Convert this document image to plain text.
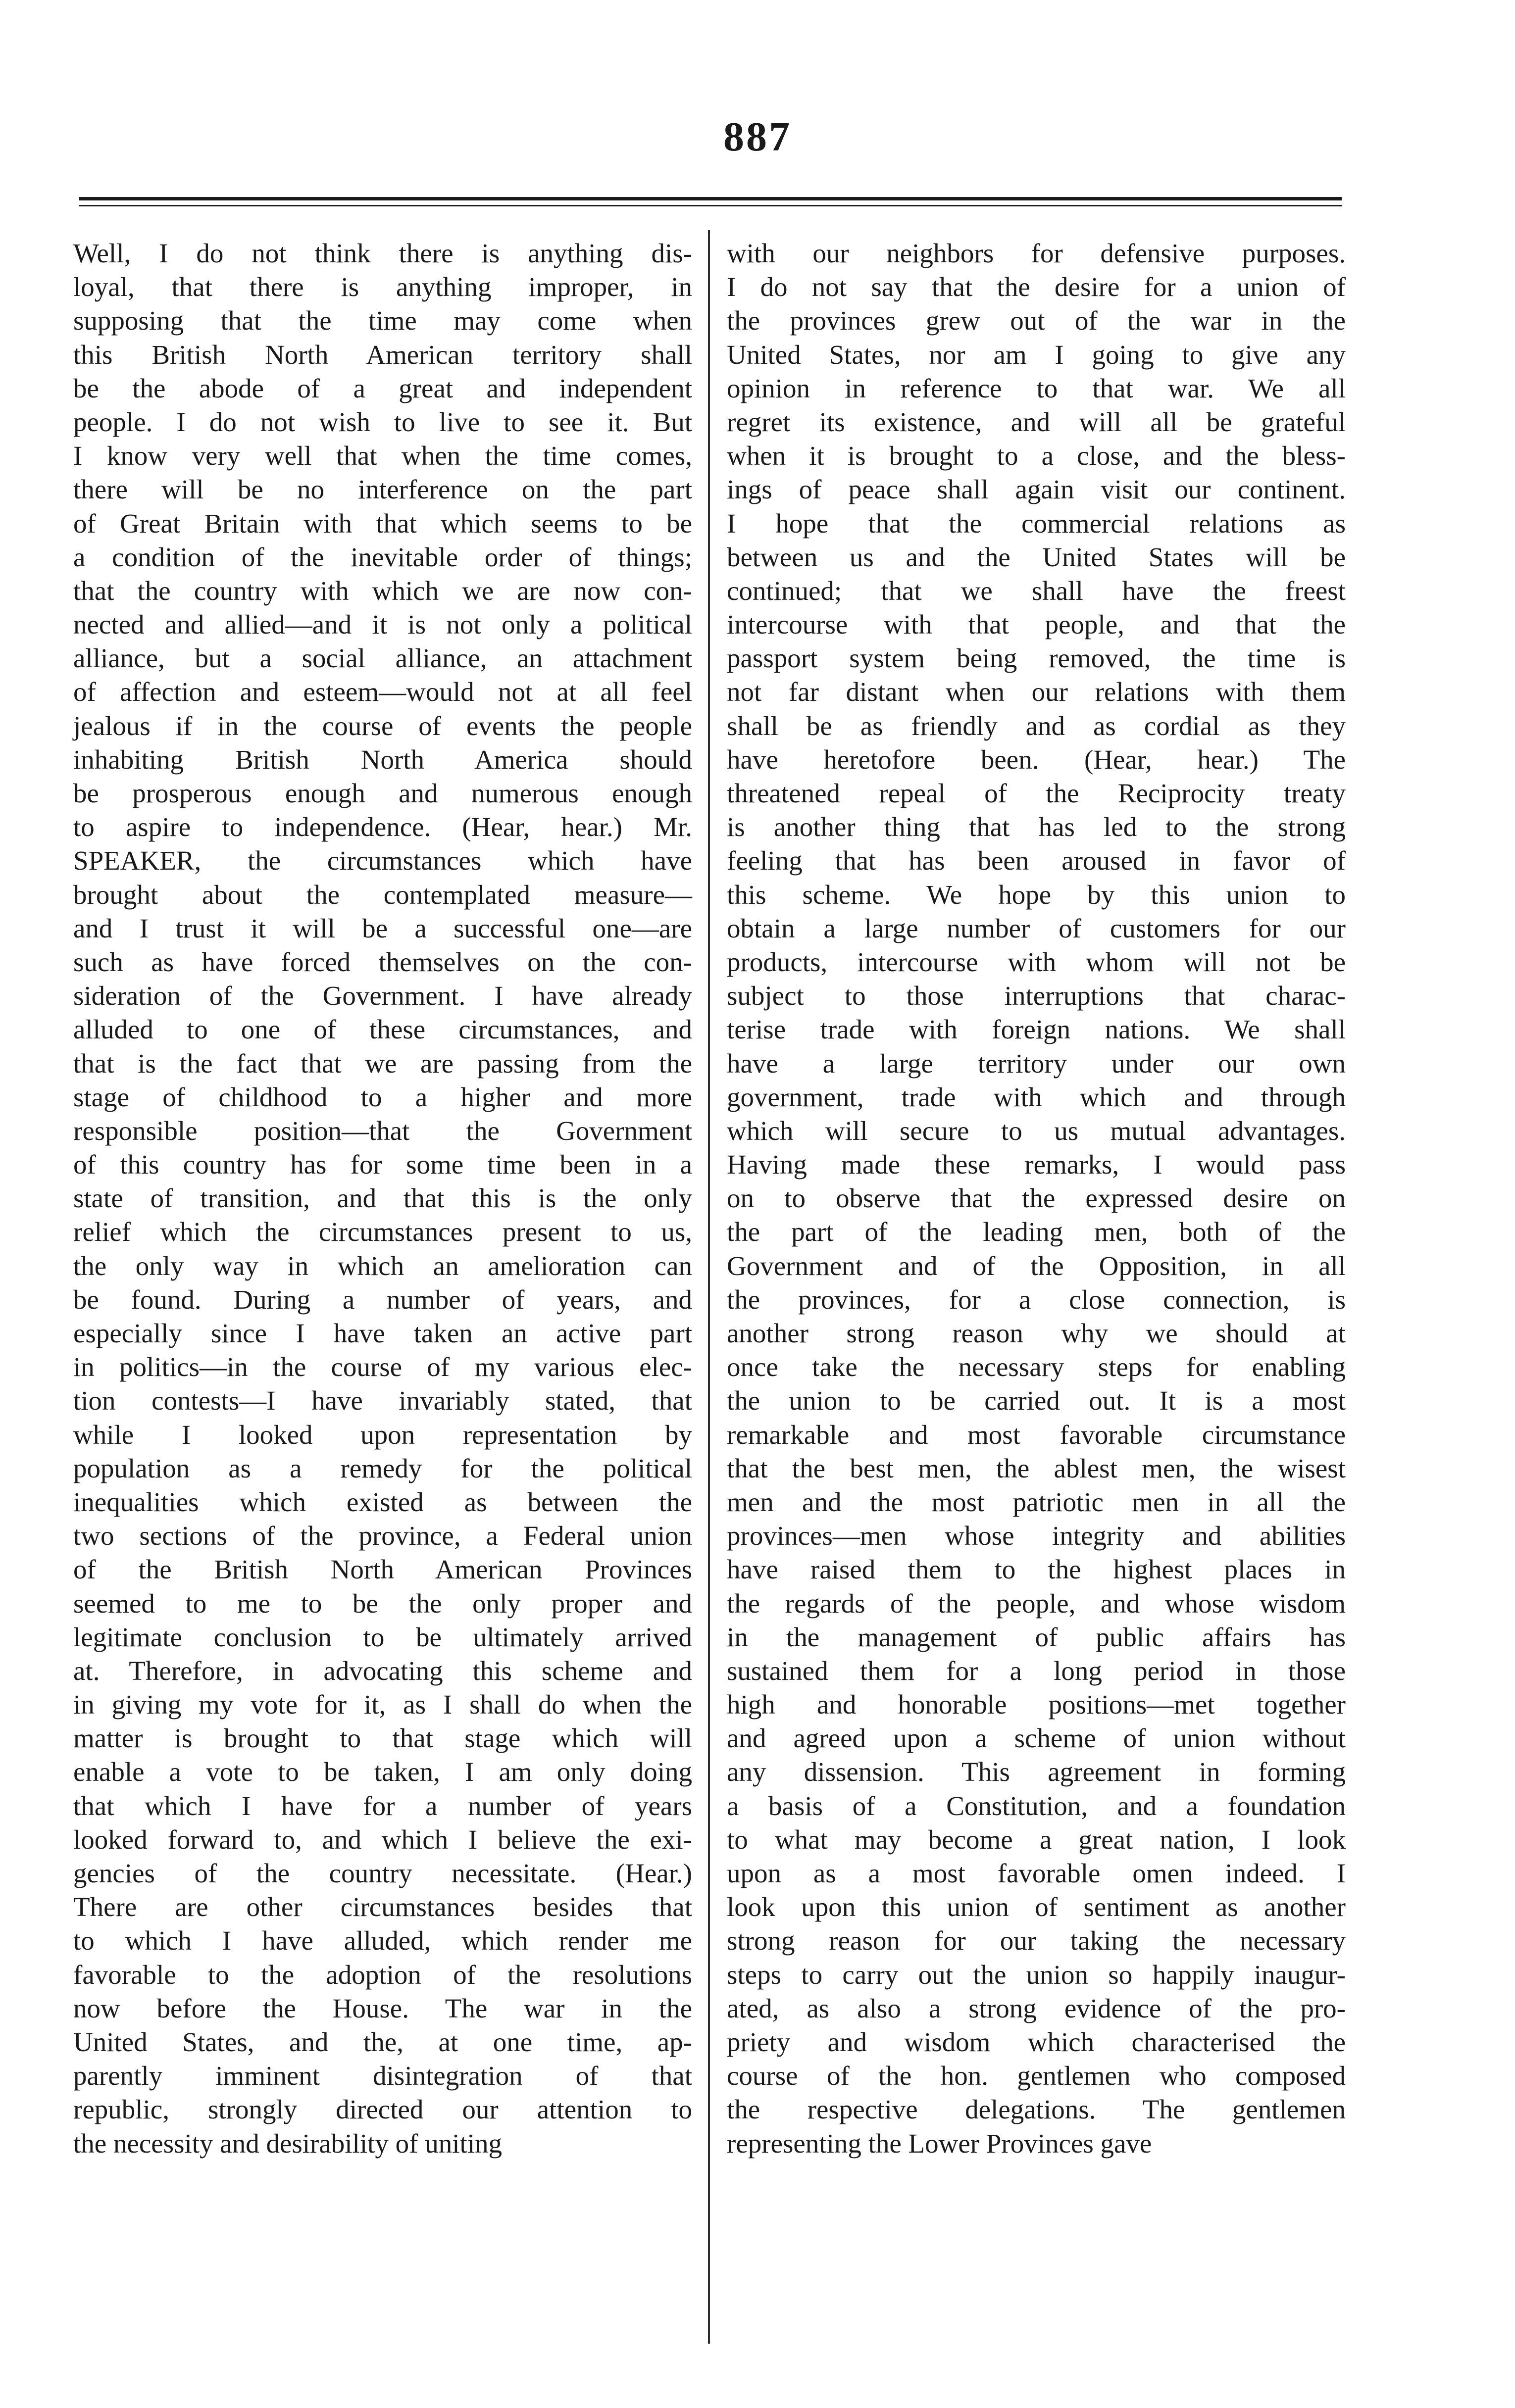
887
Well, I do not think there is anything dis-
loyal, that there is anything improper, in
supposing that the time may come when
this British North American territory shall
be the abode of a great and independent
people. I do not wish to live to see it. But
I know very well that when the time comes,
there will be no interference on the part
of Great Britain with that which seems to be
a condition of the inevitable order of things;
that the country with which we are now con-
nected and allied—and it is not only a political
alliance, but a social alliance, an attachment
of affection and esteem—would not at all feel
jealous if in the course of events the people
inhabiting British North America should
be prosperous enough and numerous enough
to aspire to independence. (Hear, hear.) Mr.
SPEAKER, the circumstances which have
brought about the contemplated measure—
and I trust it will be a successful one—are
such as have forced themselves on the con-
sideration of the Government. I have already
alluded to one of these circumstances, and
that is the fact that we are passing from the
stage of childhood to a higher and more
responsible position—that the Government
of this country has for some time been in a
state of transition, and that this is the only
relief which the circumstances present to us,
the only way in which an amelioration can
be found. During a number of years, and
especially since I have taken an active part
in politics—in the course of my various elec-
tion contests—I have invariably stated, that
while I looked upon representation by
population as a remedy for the political
inequalities which existed as between the
two sections of the province, a Federal union
of the British North American Provinces
seemed to me to be the only proper and
legitimate conclusion to be ultimately arrived
at. Therefore, in advocating this scheme and
in giving my vote for it, as I shall do when the
matter is brought to that stage which will
enable a vote to be taken, I am only doing
that which I have for a number of years
looked forward to, and which I believe the exi-
gencies of the country necessitate. (Hear.)
There are other circumstances besides that
to which I have alluded, which render me
favorable to the adoption of the resolutions
now before the House. The war in the
United States, and the, at one time, ap-
parently imminent disintegration of that
republic, strongly directed our attention to
the necessity and desirability of uniting
with our neighbors for defensive purposes.
I do not say that the desire for a union of
the provinces grew out of the war in the
United States, nor am I going to give any
opinion in reference to that war. We all
regret its existence, and will all be grateful
when it is brought to a close, and the bless-
ings of peace shall again visit our continent.
I hope that the commercial relations as
between us and the United States will be
continued; that we shall have the freest
intercourse with that people, and that the
passport system being removed, the time is
not far distant when our relations with them
shall be as friendly and as cordial as they
have heretofore been. (Hear, hear.) The
threatened repeal of the Reciprocity treaty
is another thing that has led to the strong
feeling that has been aroused in favor of
this scheme. We hope by this union to
obtain a large number of customers for our
products, intercourse with whom will not be
subject to those interruptions that charac-
terise trade with foreign nations. We shall
have a large territory under our own
government, trade with which and through
which will secure to us mutual advantages.
Having made these remarks, I would pass
on to observe that the expressed desire on
the part of the leading men, both of the
Government and of the Opposition, in all
the provinces, for a close connection, is
another strong reason why we should at
once take the necessary steps for enabling
the union to be carried out. It is a most
remarkable and most favorable circumstance
that the best men, the ablest men, the wisest
men and the most patriotic men in all the
provinces—men whose integrity and abilities
have raised them to the highest places in
the regards of the people, and whose wisdom
in the management of public affairs has
sustained them for a long period in those
high and honorable positions—met together
and agreed upon a scheme of union without
any dissension. This agreement in forming
a basis of a Constitution, and a foundation
to what may become a great nation, I look
upon as a most favorable omen indeed. I
look upon this union of sentiment as another
strong reason for our taking the necessary
steps to carry out the union so happily inaugur-
ated, as also a strong evidence of the pro-
priety and wisdom which characterised the
course of the hon. gentlemen who composed
the respective delegations. The gentlemen
representing the Lower Provinces gave
